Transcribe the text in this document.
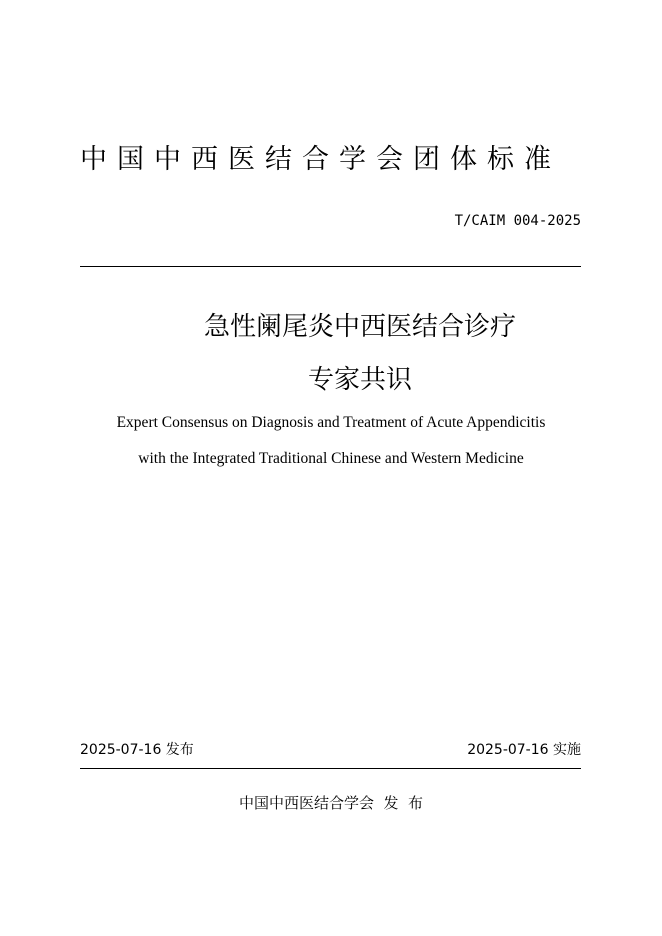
中国中西医结合学会团体标准
T/CAIM 004-2025
急性阑尾炎中西医结合诊疗
专家共识
Expert Consensus on Diagnosis and Treatment of Acute Appendicitis
with the Integrated Traditional Chinese and Western Medicine
2025-07-16 发布	2025-07-16 实施
中国中西医结合学会  发  布
